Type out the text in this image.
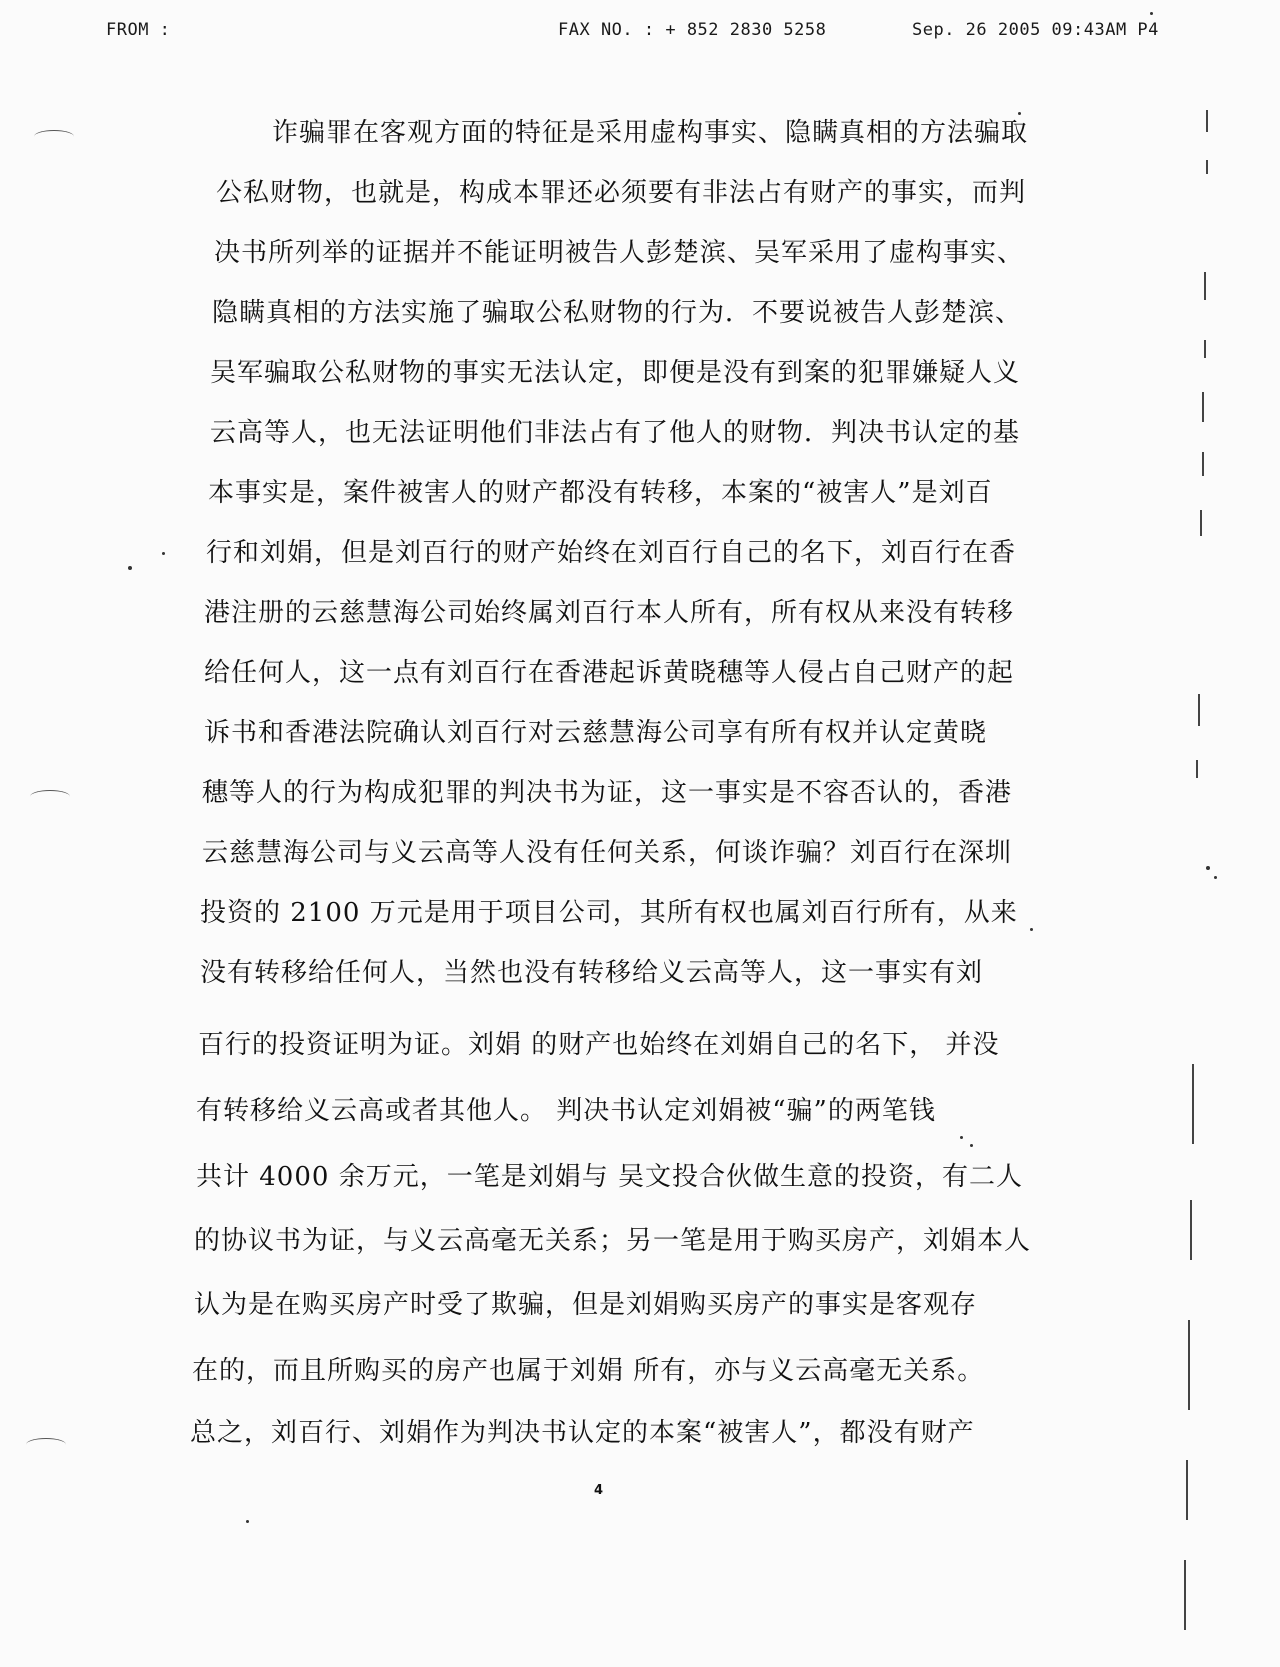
FROM :	FAX NO. : + 852 2830 5258	Sep. 26 2005 09:43AM P4
诈骗罪在客观方面的特征是采用虚构事实、隐瞒真相的方法骗取
公私财物，也就是，构成本罪还必须要有非法占有财产的事实，而判
决书所列举的证据并不能证明被告人彭楚滨、吴军采用了虚构事实、
隐瞒真相的方法实施了骗取公私财物的行为．不要说被告人彭楚滨、
吴军骗取公私财物的事实无法认定，即便是没有到案的犯罪嫌疑人义
云高等人，也无法证明他们非法占有了他人的财物．判决书认定的基
本事实是，案件被害人的财产都没有转移，本案的“被害人”是刘百
行和刘娟，但是刘百行的财产始终在刘百行自己的名下，刘百行在香
港注册的云慈慧海公司始终属刘百行本人所有，所有权从来没有转移
给任何人，这一点有刘百行在香港起诉黄晓穗等人侵占自己财产的起
诉书和香港法院确认刘百行对云慈慧海公司享有所有权并认定黄晓
穗等人的行为构成犯罪的判决书为证，这一事实是不容否认的，香港
云慈慧海公司与义云高等人没有任何关系，何谈诈骗？刘百行在深圳
投资的 2100 万元是用于项目公司，其所有权也属刘百行所有，从来
没有转移给任何人，当然也没有转移给义云高等人，这一事实有刘
百行的投资证明为证。刘娟 的财产也始终在刘娟自己的名下， 并没
有转移给义云高或者其他人。 判决书认定刘娟被“骗”的两笔钱
共计 4000 余万元，一笔是刘娟与 吴文投合伙做生意的投资，有二人
的协议书为证，与义云高毫无关系；另一笔是用于购买房产，刘娟本人
认为是在购买房产时受了欺骗，但是刘娟购买房产的事实是客观存
在的，而且所购买的房产也属于刘娟 所有，亦与义云高毫无关系。
总之，刘百行、刘娟作为判决书认定的本案“被害人”，都没有财产
4
